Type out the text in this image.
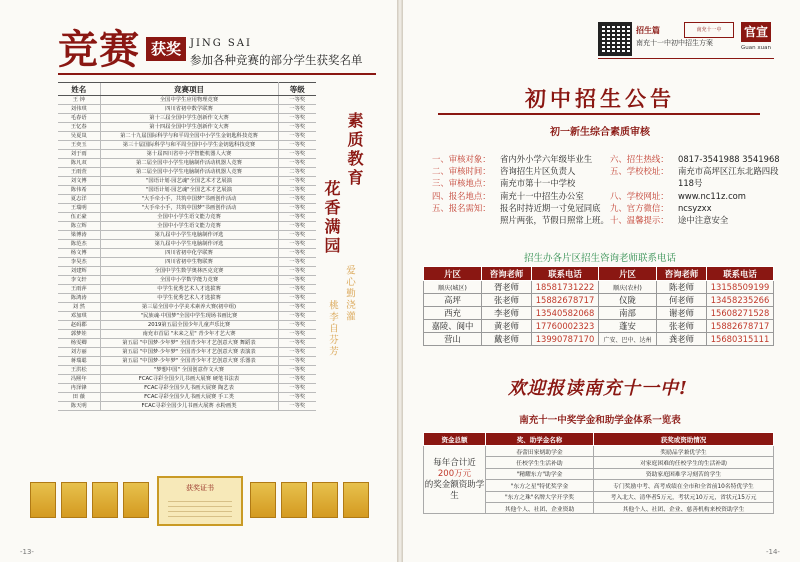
竞赛 获奖 JING SAI
参加各种竞赛的部分学生获奖名单
姓名	竞赛项目	等级
王 钟	全国中学生应用物理竞赛	一等奖
刘伟琪	四川省初中数学联赛	一等奖
毛春语	第十三届全国中学生创新作文大赛	一等奖
王忆春	第十四届全国中学生创新作文大赛	一等奖
吴夏岚	第二十九届国际科学与和平周全国中小学生金钥匙科技竞赛	一等奖
王奕玉	第三十届国际科学与和平周全国中小学生金钥匙科技竞赛	一等奖
刘于雨	第十届四川省中小学智能机器人大赛	一等奖
陈凡双	第二届全国中小学生电脑制作活动机器人竞赛	一等奖
王雨萱	第二届全国中小学生电脑制作活动机器人竞赛	二等奖
刘文博	"国语计划·园艺魂"全国艺术才艺展演	一等奖
陈伟希	"国语计划·园艺魂"全国艺术才艺展演	二等奖
夏志洋	"大手牵小手，共筑中国梦"书画创作活动	一等奖
王瑞明	"大手牵小手，共筑中国梦"书画创作活动	一等奖
伍正豪	全国中小学生语文能力竞赛	一等奖
陈立辉	全国中小学生语文能力竞赛	一等奖
梁博涛	第九届中小学生电脑制作评选	一等奖
陈范杰	第九届中小学生电脑制作评选	一等奖
杨文博	四川省初中化学联赛	一等奖
李昊杰	四川省初中生物联赛	一等奖
刘建辉	全国中学生数学奥林匹克竞赛	一等奖
李文轩	全国中小学数学能力竞赛	一等奖
王雨萍	中学生优秀艺术人才选拔赛	一等奖
陈鸿涛	中学生优秀艺术人才选拔赛	一等奖
刘 然	第三届全国中小学美术素养大赛(初中组)	一等奖
邓加琪	"民族魂·中国梦"全国中学生现场书画比赛	一等奖
赵码郡	2019第五届全国少年儿童声乐比赛	一等奖
郭梦娃	南充市首届 "未来之星" 青少年才艺大赛	一等奖
杨雯卿	第五届 "中国梦·少年梦" 全国青少年才艺创意大赛 舞蹈表	一等奖
刘方丽	第五届 "中国梦·少年梦" 全国青少年才艺创意大赛 表演表	一等奖
蒋瑞聪	第五届 "中国梦·少年梦" 全国青少年才艺创意大赛 乐器表	一等奖
王洪松	"梦想中国" 全国创意作文大赛	一等奖
冯熙年	FCAC寻彩全国少儿书画大展赛 硬笔书法表	一等奖
冉泽锋	FCAC寻彩全国少儿书画大展赛 陶艺表	一等奖
田 薇	FCAC寻彩全国少儿书画大展赛 手工类	一等奖
陈天明	FCAC寻彩全国少儿书画大展赛 水粉画类	一等奖
素质教育
花香满园
爱心勤浇灌
桃李自芬芳
获奖证书
-13-
招生篇
南充十一中初中招生方案
南充十一中	官宣
Guan xuan
初中招生公告
初一新生综合素质审核
一、审核对象：	省内外小学六年级毕业生
二、审核时间：	咨询招生片区负责人
三、审核地点：	南充市第十一中学校
四、报名地点：	南充十一中招生办公室
五、报名需知：	报名时持近期一寸免冠同底
照片两张，节假日照常上班。
六、招生热线：	0817-3541988 3541968
五、学校校址：	南充市高坪区江东北路四段
118号
八、学校网址：	www.nc11z.com
九、官方微信：	ncsyzxx
十、温馨提示：	途中注意安全
招生办各片区招生咨询老师联系电话
片区	咨询老师	联系电话	片区	咨询老师	联系电话
顺庆(城区)	胥老师	18581731222	顺庆(农村)	陈老师	13158509199
高坪	张老师	15882678717	仪陇	何老师	13458235266
西充	李老师	13540582068	南部	谢老师	15608271528
嘉陵、阆中	黄老师	17760002323	蓬安	张老师	15882678717
营山	戴老师	13990787170	广安、巴中、达州	龚老师	15680315111
欢迎报读南充十一中!
南充十一中奖学金和助学金体系一览表
资金总额	奖、助学金名称	获奖或资助情况
每年合计近
200万元
的奖金额资助学生	春蕾田家炳助学金	奖励品学兼优学生
	任校学生生活补助	对家庭困难的任校学生的生活补助
	"精耀东方"助学金	资助家庭困难学习刻苦的学生
	"东方之星"特优奖学金	专门奖励中考、高考成绩在全市和全省前10名特优学生
	"东方之珠"名牌大学开学奖	考入北大、清华者5万元，考状元10万元，省状元15万元
	其他个人、社团、企业资助	其他个人、社团、企业、慈善机构来校资助学生
-14-
